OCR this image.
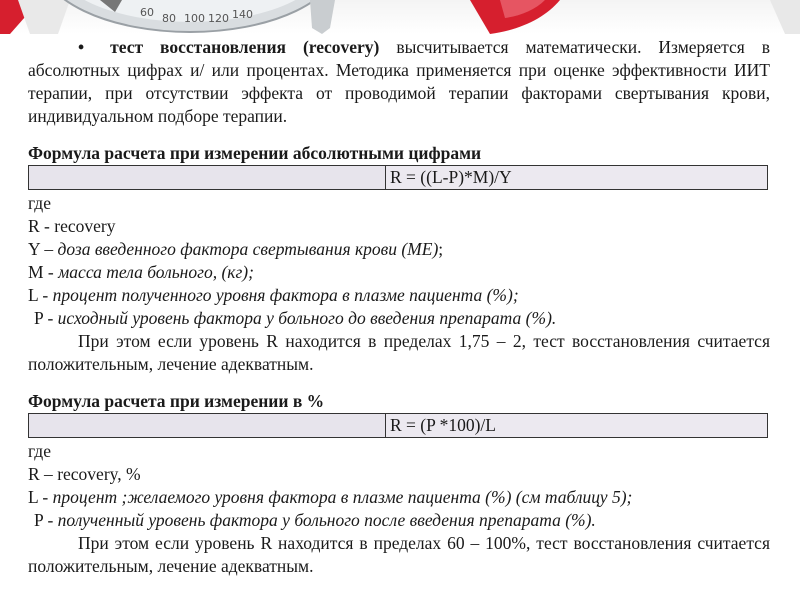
60 80 100 120 140

• тест восстановления (recovery) высчитывается математически. Измеряется в абсолютных цифрах и/ или процентах. Методика применяется при оценке эффективности ИИТ терапии, при отсутствии эффекта от проводимой терапии факторами свертывания крови, индивидуальном подборе терапии.

Формула расчета при измерении абсолютными цифрами
	R = ((L-P)*M)/Y

где

R - recovery

Y – доза введенного фактора свертывания крови (МЕ);

M - масса тела больного, (кг);

L - процент полученного уровня фактора в плазме пациента (%);

P - исходный уровень фактора у больного до введения препарата (%).

При этом если уровень R находится в пределах 1,75 – 2, тест восстановления считается положительным, лечение адекватным.

Формула расчета при измерении в %
	R = (P *100)/L

где

R – recovery, %

L - процент ;желаемого уровня фактора в плазме пациента (%) (см таблицу 5);

P - полученный уровень фактора у больного после введения препарата (%).

При этом если уровень R находится в пределах 60 – 100%, тест восстановления считается положительным, лечение адекватным.
